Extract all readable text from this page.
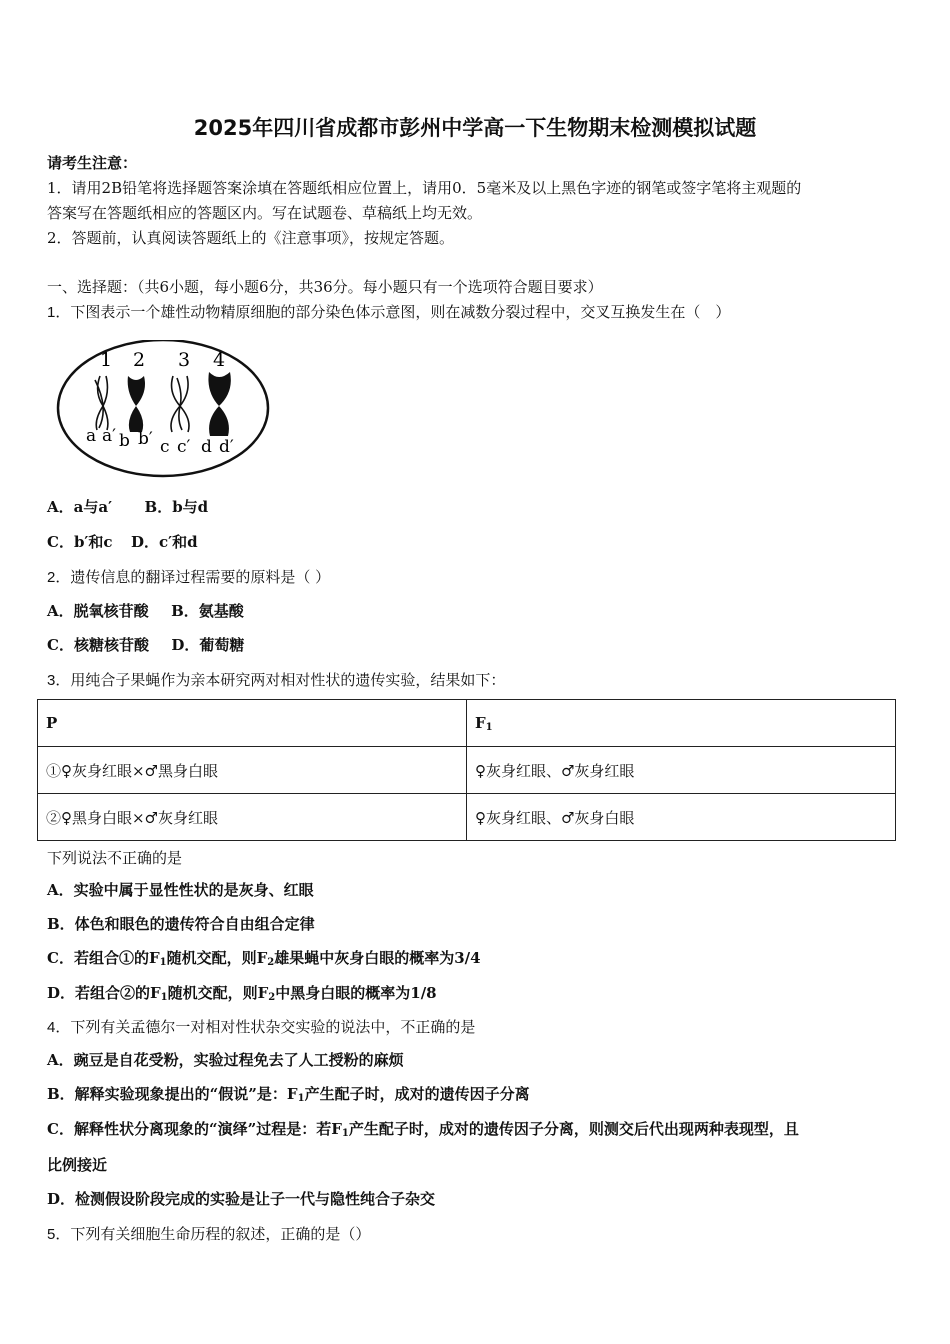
2025年四川省成都市彭州中学高一下生物期末检测模拟试题
请考生注意：
1．请用2B铅笔将选择题答案涂填在答题纸相应位置上，请用0．5毫米及以上黑色字迹的钢笔或签字笔将主观题的
答案写在答题纸相应的答题区内。写在试题卷、草稿纸上均无效。
2．答题前，认真阅读答题纸上的《注意事项》，按规定答题。
一、选择题：（共6小题，每小题6分，共36分。每小题只有一个选项符合题目要求）
1．下图表示一个雄性动物精原细胞的部分染色体示意图，则在减数分裂过程中，交叉互换发生在（　）
1 2 3 4
a a′ b b′ c c′ d d′
A．a与a′ B．b与d
C．b′和c D．c′和d
2．遗传信息的翻译过程需要的原料是（ ）
A．脱氧核苷酸 B．氨基酸
C．核糖核苷酸 D．葡萄糖
3．用纯合子果蝇作为亲本研究两对相对性状的遗传实验，结果如下：
P	$F_1$
①♀灰身红眼×♂黑身白眼	♀灰身红眼、♂灰身红眼
②♀黑身白眼×♂灰身红眼	♀灰身红眼、♂灰身白眼
下列说法不正确的是
A．实验中属于显性性状的是灰身、红眼
B．体色和眼色的遗传符合自由组合定律
C．若组合①的$F_1$随机交配，则$F_2$雄果蝇中灰身白眼的概率为3/4
D．若组合②的$F_1$随机交配，则$F_2$中黑身白眼的概率为1/8
4．下列有关孟德尔一对相对性状杂交实验的说法中，不正确的是
A．豌豆是自花受粉，实验过程免去了人工授粉的麻烦
B．解释实验现象提出的“假说”是：$F_1$产生配子时，成对的遗传因子分离
C．解释性状分离现象的“演绎”过程是：若$F_1$产生配子时，成对的遗传因子分离，则测交后代出现两种表现型，且
比例接近
D．检测假设阶段完成的实验是让子一代与隐性纯合子杂交
5．下列有关细胞生命历程的叙述，正确的是（）
